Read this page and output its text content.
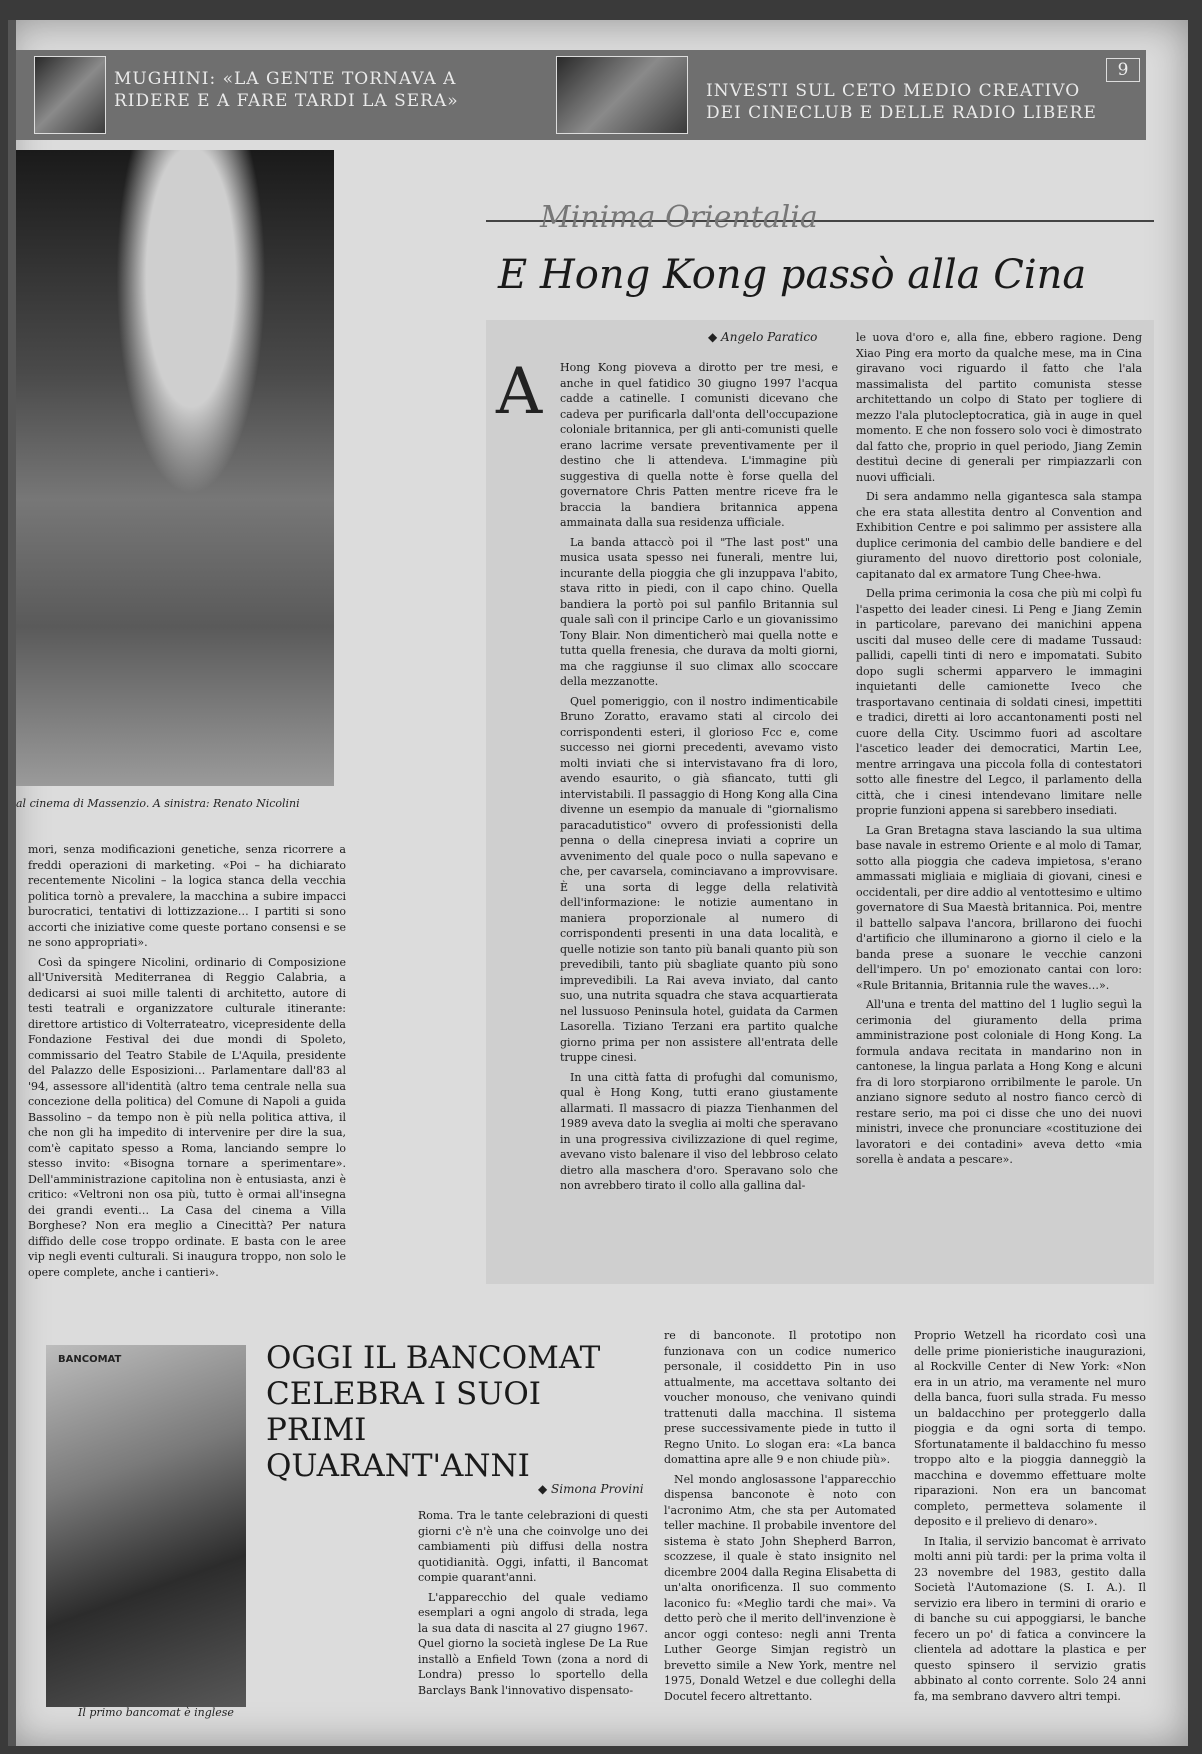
MUGHINI: «LA GENTE TORNAVA A RIDERE E A FARE TARDI LA SERA»	INVESTI SUL CETO MEDIO CREATIVO DEI CINECLUB E DELLE RADIO LIBERE
9
al cinema di Massenzio. A sinistra: Renato Nicolini

mori, senza modificazioni genetiche, senza ricorrere a freddi operazioni di marketing. «Poi – ha dichiarato recentemente Nicolini – la logica stanca della vecchia politica tornò a prevalere, la macchina a subire impacci burocratici, tentativi di lottizzazione… I partiti si sono accorti che iniziative come queste portano consensi e se ne sono appropriati».

Così da spingere Nicolini, ordinario di Composizione all'Università Mediterranea di Reggio Calabria, a dedicarsi ai suoi mille talenti di architetto, autore di testi teatrali e organizzatore culturale itinerante: direttore artistico di Volterrateatro, vicepresidente della Fondazione Festival dei due mondi di Spoleto, commissario del Teatro Stabile de L'Aquila, presidente del Palazzo delle Esposizioni… Parlamentare dall'83 al '94, assessore all'identità (altro tema centrale nella sua concezione della politica) del Comune di Napoli a guida Bassolino – da tempo non è più nella politica attiva, il che non gli ha impedito di intervenire per dire la sua, com'è capitato spesso a Roma, lanciando sempre lo stesso invito: «Bisogna tornare a sperimentare». Dell'amministrazione capitolina non è entusiasta, anzi è critico: «Veltroni non osa più, tutto è ormai all'insegna dei grandi eventi… La Casa del cinema a Villa Borghese? Non era meglio a Cinecittà? Per natura diffido delle cose troppo ordinate. E basta con le aree vip negli eventi culturali. Si inaugura troppo, non solo le opere complete, anche i cantieri».

Minima Orientalia
E Hong Kong passò alla Cina
◆ Angelo Paratico
A Hong Kong pioveva a dirotto per tre mesi, e anche in quel fatidico 30 giugno 1997 l'acqua cadde a catinelle. I comunisti dicevano che cadeva per purificarla dall'onta dell'occupazione coloniale britannica, per gli anti-comunisti quelle erano lacrime versate preventivamente per il destino che li attendeva. L'immagine più suggestiva di quella notte è forse quella del governatore Chris Patten mentre riceve fra le braccia la bandiera britannica appena ammainata dalla sua residenza ufficiale.

La banda attaccò poi il "The last post" una musica usata spesso nei funerali, mentre lui, incurante della pioggia che gli inzuppava l'abito, stava ritto in piedi, con il capo chino. Quella bandiera la portò poi sul panfilo Britannia sul quale salì con il principe Carlo e un giovanissimo Tony Blair. Non dimenticherò mai quella notte e tutta quella frenesia, che durava da molti giorni, ma che raggiunse il suo climax allo scoccare della mezzanotte.

Quel pomeriggio, con il nostro indimenticabile Bruno Zoratto, eravamo stati al circolo dei corrispondenti esteri, il glorioso Fcc e, come successo nei giorni precedenti, avevamo visto molti inviati che si intervistavano fra di loro, avendo esaurito, o già sfiancato, tutti gli intervistabili. Il passaggio di Hong Kong alla Cina divenne un esempio da manuale di "giornalismo paracadutistico" ovvero di professionisti della penna o della cinepresa inviati a coprire un avvenimento del quale poco o nulla sapevano e che, per cavarsela, cominciavano a improvvisare. È una sorta di legge della relatività dell'informazione: le notizie aumentano in maniera proporzionale al numero di corrispondenti presenti in una data località, e quelle notizie son tanto più banali quanto più son prevedibili, tanto più sbagliate quanto più sono imprevedibili. La Rai aveva inviato, dal canto suo, una nutrita squadra che stava acquartierata nel lussuoso Peninsula hotel, guidata da Carmen Lasorella. Tiziano Terzani era partito qualche giorno prima per non assistere all'entrata delle truppe cinesi.

In una città fatta di profughi dal comunismo, qual è Hong Kong, tutti erano giustamente allarmati. Il massacro di piazza Tienhanmen del 1989 aveva dato la sveglia ai molti che speravano in una progressiva civilizzazione di quel regime, avevano visto balenare il viso del lebbroso celato dietro alla maschera d'oro. Speravano solo che non avrebbero tirato il collo alla gallina dal-

le uova d'oro e, alla fine, ebbero ragione. Deng Xiao Ping era morto da qualche mese, ma in Cina giravano voci riguardo il fatto che l'ala massimalista del partito comunista stesse architettando un colpo di Stato per togliere di mezzo l'ala plutocleptocratica, già in auge in quel momento. E che non fossero solo voci è dimostrato dal fatto che, proprio in quel periodo, Jiang Zemin destituì decine di generali per rimpiazzarli con nuovi ufficiali.

Di sera andammo nella gigantesca sala stampa che era stata allestita dentro al Convention and Exhibition Centre e poi salimmo per assistere alla duplice cerimonia del cambio delle bandiere e del giuramento del nuovo direttorio post coloniale, capitanato dal ex armatore Tung Chee-hwa.

Della prima cerimonia la cosa che più mi colpì fu l'aspetto dei leader cinesi. Li Peng e Jiang Zemin in particolare, parevano dei manichini appena usciti dal museo delle cere di madame Tussaud: pallidi, capelli tinti di nero e impomatati. Subito dopo sugli schermi apparvero le immagini inquietanti delle camionette Iveco che trasportavano centinaia di soldati cinesi, impettiti e tradici, diretti ai loro accantonamenti posti nel cuore della City. Uscimmo fuori ad ascoltare l'ascetico leader dei democratici, Martin Lee, mentre arringava una piccola folla di contestatori sotto alle finestre del Legco, il parlamento della città, che i cinesi intendevano limitare nelle proprie funzioni appena si sarebbero insediati.

La Gran Bretagna stava lasciando la sua ultima base navale in estremo Oriente e al molo di Tamar, sotto alla pioggia che cadeva impietosa, s'erano ammassati migliaia e migliaia di giovani, cinesi e occidentali, per dire addio al ventottesimo e ultimo governatore di Sua Maestà britannica. Poi, mentre il battello salpava l'ancora, brillarono dei fuochi d'artificio che illuminarono a giorno il cielo e la banda prese a suonare le vecchie canzoni dell'impero. Un po' emozionato cantai con loro: «Rule Britannia, Britannia rule the waves…».

All'una e trenta del mattino del 1 luglio seguì la cerimonia del giuramento della prima amministrazione post coloniale di Hong Kong. La formula andava recitata in mandarino non in cantonese, la lingua parlata a Hong Kong e alcuni fra di loro storpiarono orribilmente le parole. Un anziano signore seduto al nostro fianco cercò di restare serio, ma poi ci disse che uno dei nuovi ministri, invece che pronunciare «costituzione dei lavoratori e dei contadini» aveva detto «mia sorella è andata a pescare».

BANCOMAT
Il primo bancomat è inglese
OGGI IL BANCOMAT CELEBRA I SUOI PRIMI QUARANT'ANNI
◆ Simona Provini

Roma. Tra le tante celebrazioni di questi giorni c'è n'è una che coinvolge uno dei cambiamenti più diffusi della nostra quotidianità. Oggi, infatti, il Bancomat compie quarant'anni.

L'apparecchio del quale vediamo esemplari a ogni angolo di strada, lega la sua data di nascita al 27 giugno 1967. Quel giorno la società inglese De La Rue installò a Enfield Town (zona a nord di Londra) presso lo sportello della Barclays Bank l'innovativo dispensato-

re di banconote. Il prototipo non funzionava con un codice numerico personale, il cosiddetto Pin in uso attualmente, ma accettava soltanto dei voucher monouso, che venivano quindi trattenuti dalla macchina. Il sistema prese successivamente piede in tutto il Regno Unito. Lo slogan era: «La banca domattina apre alle 9 e non chiude più».

Nel mondo anglosassone l'apparecchio dispensa banconote è noto con l'acronimo Atm, che sta per Automated teller machine. Il probabile inventore del sistema è stato John Shepherd Barron, scozzese, il quale è stato insignito nel dicembre 2004 dalla Regina Elisabetta di un'alta onorificenza. Il suo commento laconico fu: «Meglio tardi che mai». Va detto però che il merito dell'invenzione è ancor oggi conteso: negli anni Trenta Luther George Simjan registrò un brevetto simile a New York, mentre nel 1975, Donald Wetzel e due colleghi della Docutel fecero altrettanto.

Proprio Wetzell ha ricordato così una delle prime pionieristiche inaugurazioni, al Rockville Center di New York: «Non era in un atrio, ma veramente nel muro della banca, fuori sulla strada. Fu messo un baldacchino per proteggerlo dalla pioggia e da ogni sorta di tempo. Sfortunatamente il baldacchino fu messo troppo alto e la pioggia danneggiò la macchina e dovemmo effettuare molte riparazioni. Non era un bancomat completo, permetteva solamente il deposito e il prelievo di denaro».

In Italia, il servizio bancomat è arrivato molti anni più tardi: per la prima volta il 23 novembre del 1983, gestito dalla Società l'Automazione (S. I. A.). Il servizio era libero in termini di orario e di banche su cui appoggiarsi, le banche fecero un po' di fatica a convincere la clientela ad adottare la plastica e per questo spinsero il servizio gratis abbinato al conto corrente. Solo 24 anni fa, ma sembrano davvero altri tempi.
